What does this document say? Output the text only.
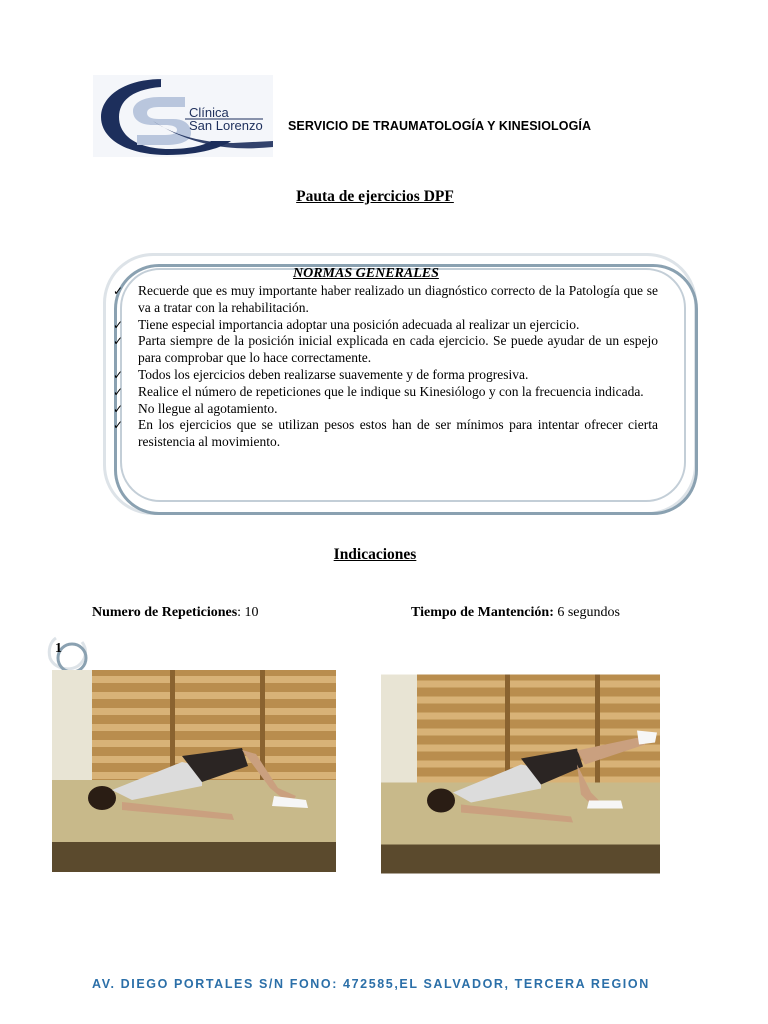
Clínica
San Lorenzo SERVICIO DE TRAUMATOLOGÍA Y KINESIOLOGÍA
Pauta de ejercicios DPF
NORMAS GENERALES
✓ Recuerde que es muy importante haber realizado un diagnóstico correcto de la Patología que se va a tratar con la rehabilitación.
✓ Tiene especial importancia adoptar una posición adecuada al realizar un ejercicio.
✓ Parta siempre de la posición inicial explicada en cada ejercicio. Se puede ayudar de un espejo para comprobar que lo hace correctamente.
✓ Todos los ejercicios deben realizarse suavemente y de forma progresiva.
✓ Realice el número de repeticiones que le indique su Kinesiólogo y con la frecuencia indicada.
✓ No llegue al agotamiento.
✓ En los ejercicios que se utilizan pesos estos han de ser mínimos para intentar ofrecer cierta resistencia al movimiento.
Indicaciones
Numero de Repeticiones: 10	Tiempo de Mantención: 6 segundos
1
AV. DIEGO PORTALES S/N FONO: 472585,EL SALVADOR, TERCERA REGION
